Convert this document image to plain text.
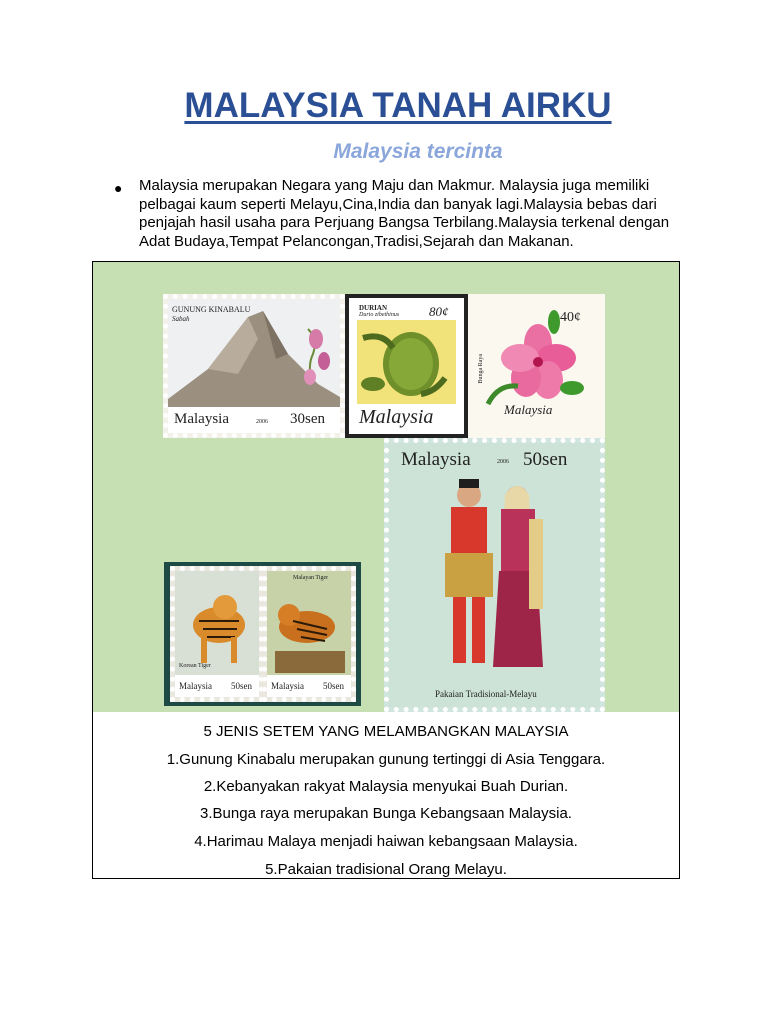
MALAYSIA TANAH AIRKU
Malaysia tercinta
● Malaysia merupakan Negara yang Maju dan Makmur. Malaysia juga memiliki pelbagai kaum seperti Melayu,Cina,India dan banyak lagi.Malaysia bebas dari penjajah hasil usaha para Perjuang Bangsa Terbilang.Malaysia terkenal dengan Adat Budaya,Tempat Pelancongan,Tradisi,Sejarah dan Makanan.
GUNUNG KINABALU
Sabah
Malaysia	2006 30sen
DURIAN
Durio zibethinus 80¢
Malaysia
40¢
Bunga Raya
Malaysia
Malaysia	2006 50sen
Pakaian Tradisional-Melayu
Korean Tiger
Malaysia 50sen
Malayan Tiger
Malaysia 50sen
5 JENIS SETEM YANG MELAMBANGKAN MALAYSIA
1.Gunung Kinabalu merupakan gunung tertinggi di Asia Tenggara.
2.Kebanyakan rakyat Malaysia menyukai Buah Durian.
3.Bunga raya merupakan Bunga Kebangsaan Malaysia.
4.Harimau Malaya menjadi haiwan kebangsaan Malaysia.
5.Pakaian tradisional Orang Melayu.
